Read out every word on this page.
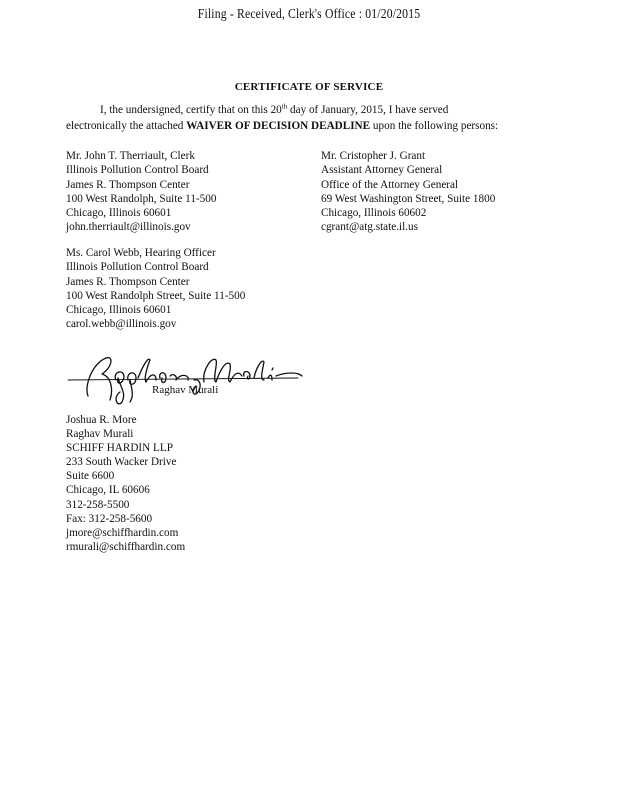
Filing - Received, Clerk's Office : 01/20/2015
CERTIFICATE OF SERVICE
I, the undersigned, certify that on this 20th day of January, 2015, I have served
electronically the attached WAIVER OF DECISION DEADLINE upon the following persons:
Mr. John T. Therriault, Clerk
Illinois Pollution Control Board
James R. Thompson Center
100 West Randolph, Suite 11-500
Chicago, Illinois 60601
john.therriault@illinois.gov
Mr. Cristopher J. Grant
Assistant Attorney General
Office of the Attorney General
69 West Washington Street, Suite 1800
Chicago, Illinois 60602
cgrant@atg.state.il.us
Ms. Carol Webb, Hearing Officer
Illinois Pollution Control Board
James R. Thompson Center
100 West Randolph Street, Suite 11-500
Chicago, Illinois 60601
carol.webb@illinois.gov
Raghav Murali
Joshua R. More
Raghav Murali
SCHIFF HARDIN LLP
233 South Wacker Drive
Suite 6600
Chicago, IL 60606
312-258-5500
Fax: 312-258-5600
jmore@schiffhardin.com
rmurali@schiffhardin.com
